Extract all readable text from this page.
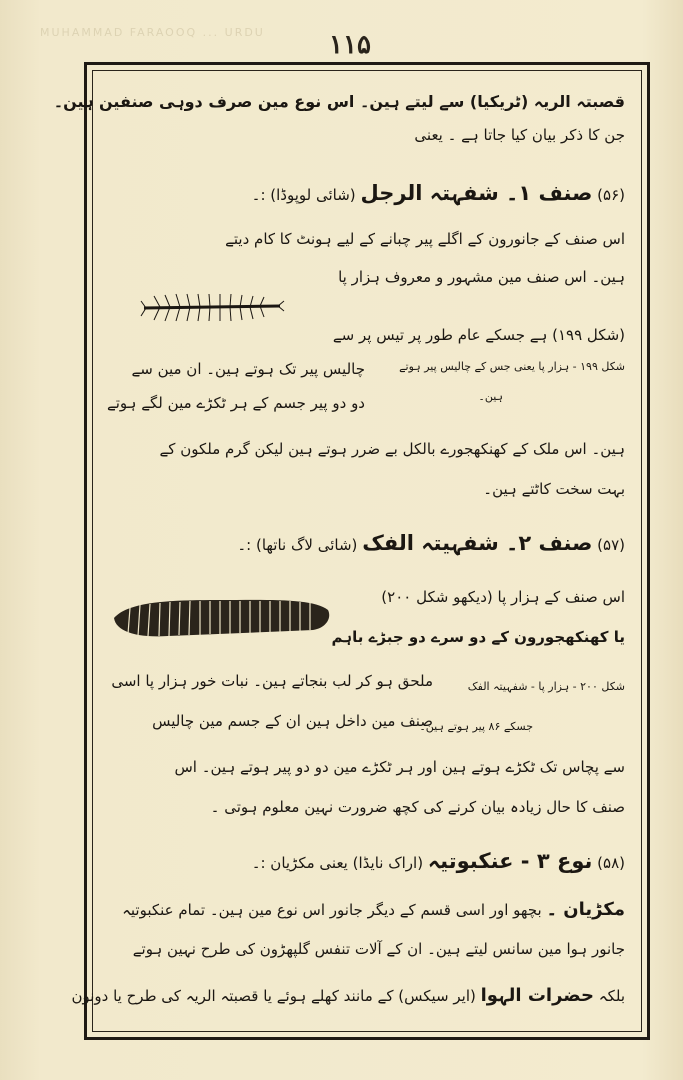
MUHAMMAD FARAOOQ ... URDU	۱۱۵
قصبتہ الریہ (ٹریکیا) سے لیتے ہین۔ اس نوع مین صرف دوہی صنفین ہین۔
جن کا ذکر بیان کیا جاتا ہے ۔ یعنی
(۵۶) صنف ۱۔ شفہتہ الرجل (شائی لوپوڈا) :۔
اس صنف کے جانورون کے اگلے پیر چبانے کے لیے ہونٹ کا کام دیتے
ہین۔ اس صنف مین مشہور و معروف ہزار پا
(شکل ۱۹۹) ہے جسکے عام طور پر تیس پر سے
چالیس پیر تک ہوتے ہین۔ ان مین سے
دو دو پیر جسم کے ہر ٹکڑے مین لگے ہوتے
شکل ۱۹۹ - ہزار پا یعنی جس کے چالیس پیر ہوتے
ہین۔
ہین۔ اس ملک کے کھنکھجورے بالکل بے ضرر ہوتے ہین لیکن گرم ملکون کے
بہت سخت کاٹتے ہین۔
(۵۷) صنف ۲۔ شفہیتہ الفک (شائی لاگ ناتھا) :۔
اس صنف کے ہزار پا (دیکھو شکل ۲۰۰)
یا کھنکھجورون کے دو سرے دو جبڑے باہم
ملحق ہو کر لب بنجاتے ہین۔ نبات خور ہزار پا اسی
صنف مین داخل ہین ان کے جسم مین چالیس
شکل ۲۰۰ - ہزار پا - شفہیتہ الفک
جسکے ۸۶ پیر ہوتے ہین۔
سے پچاس تک ٹکڑے ہوتے ہین اور ہر ٹکڑے مین دو دو پیر ہوتے ہین۔ اس
صنف کا حال زیادہ بیان کرنے کی کچھ ضرورت نہین معلوم ہوتی ۔
(۵۸) نوع ۳ - عنکبوتیہ (اراک نایڈا) یعنی مکڑیان :۔
مکڑیان ۔ بچھو اور اسی قسم کے دیگر جانور اس نوع مین ہین۔ تمام عنکبوتیہ
جانور ہوا مین سانس لیتے ہین۔ ان کے آلات تنفس گلپھڑون کی طرح نہین ہوتے
بلکہ حضرات الہوا (ایر سیکس) کے مانند کھلے ہوئے یا قصبتہ الریہ کی طرح یا دونون
